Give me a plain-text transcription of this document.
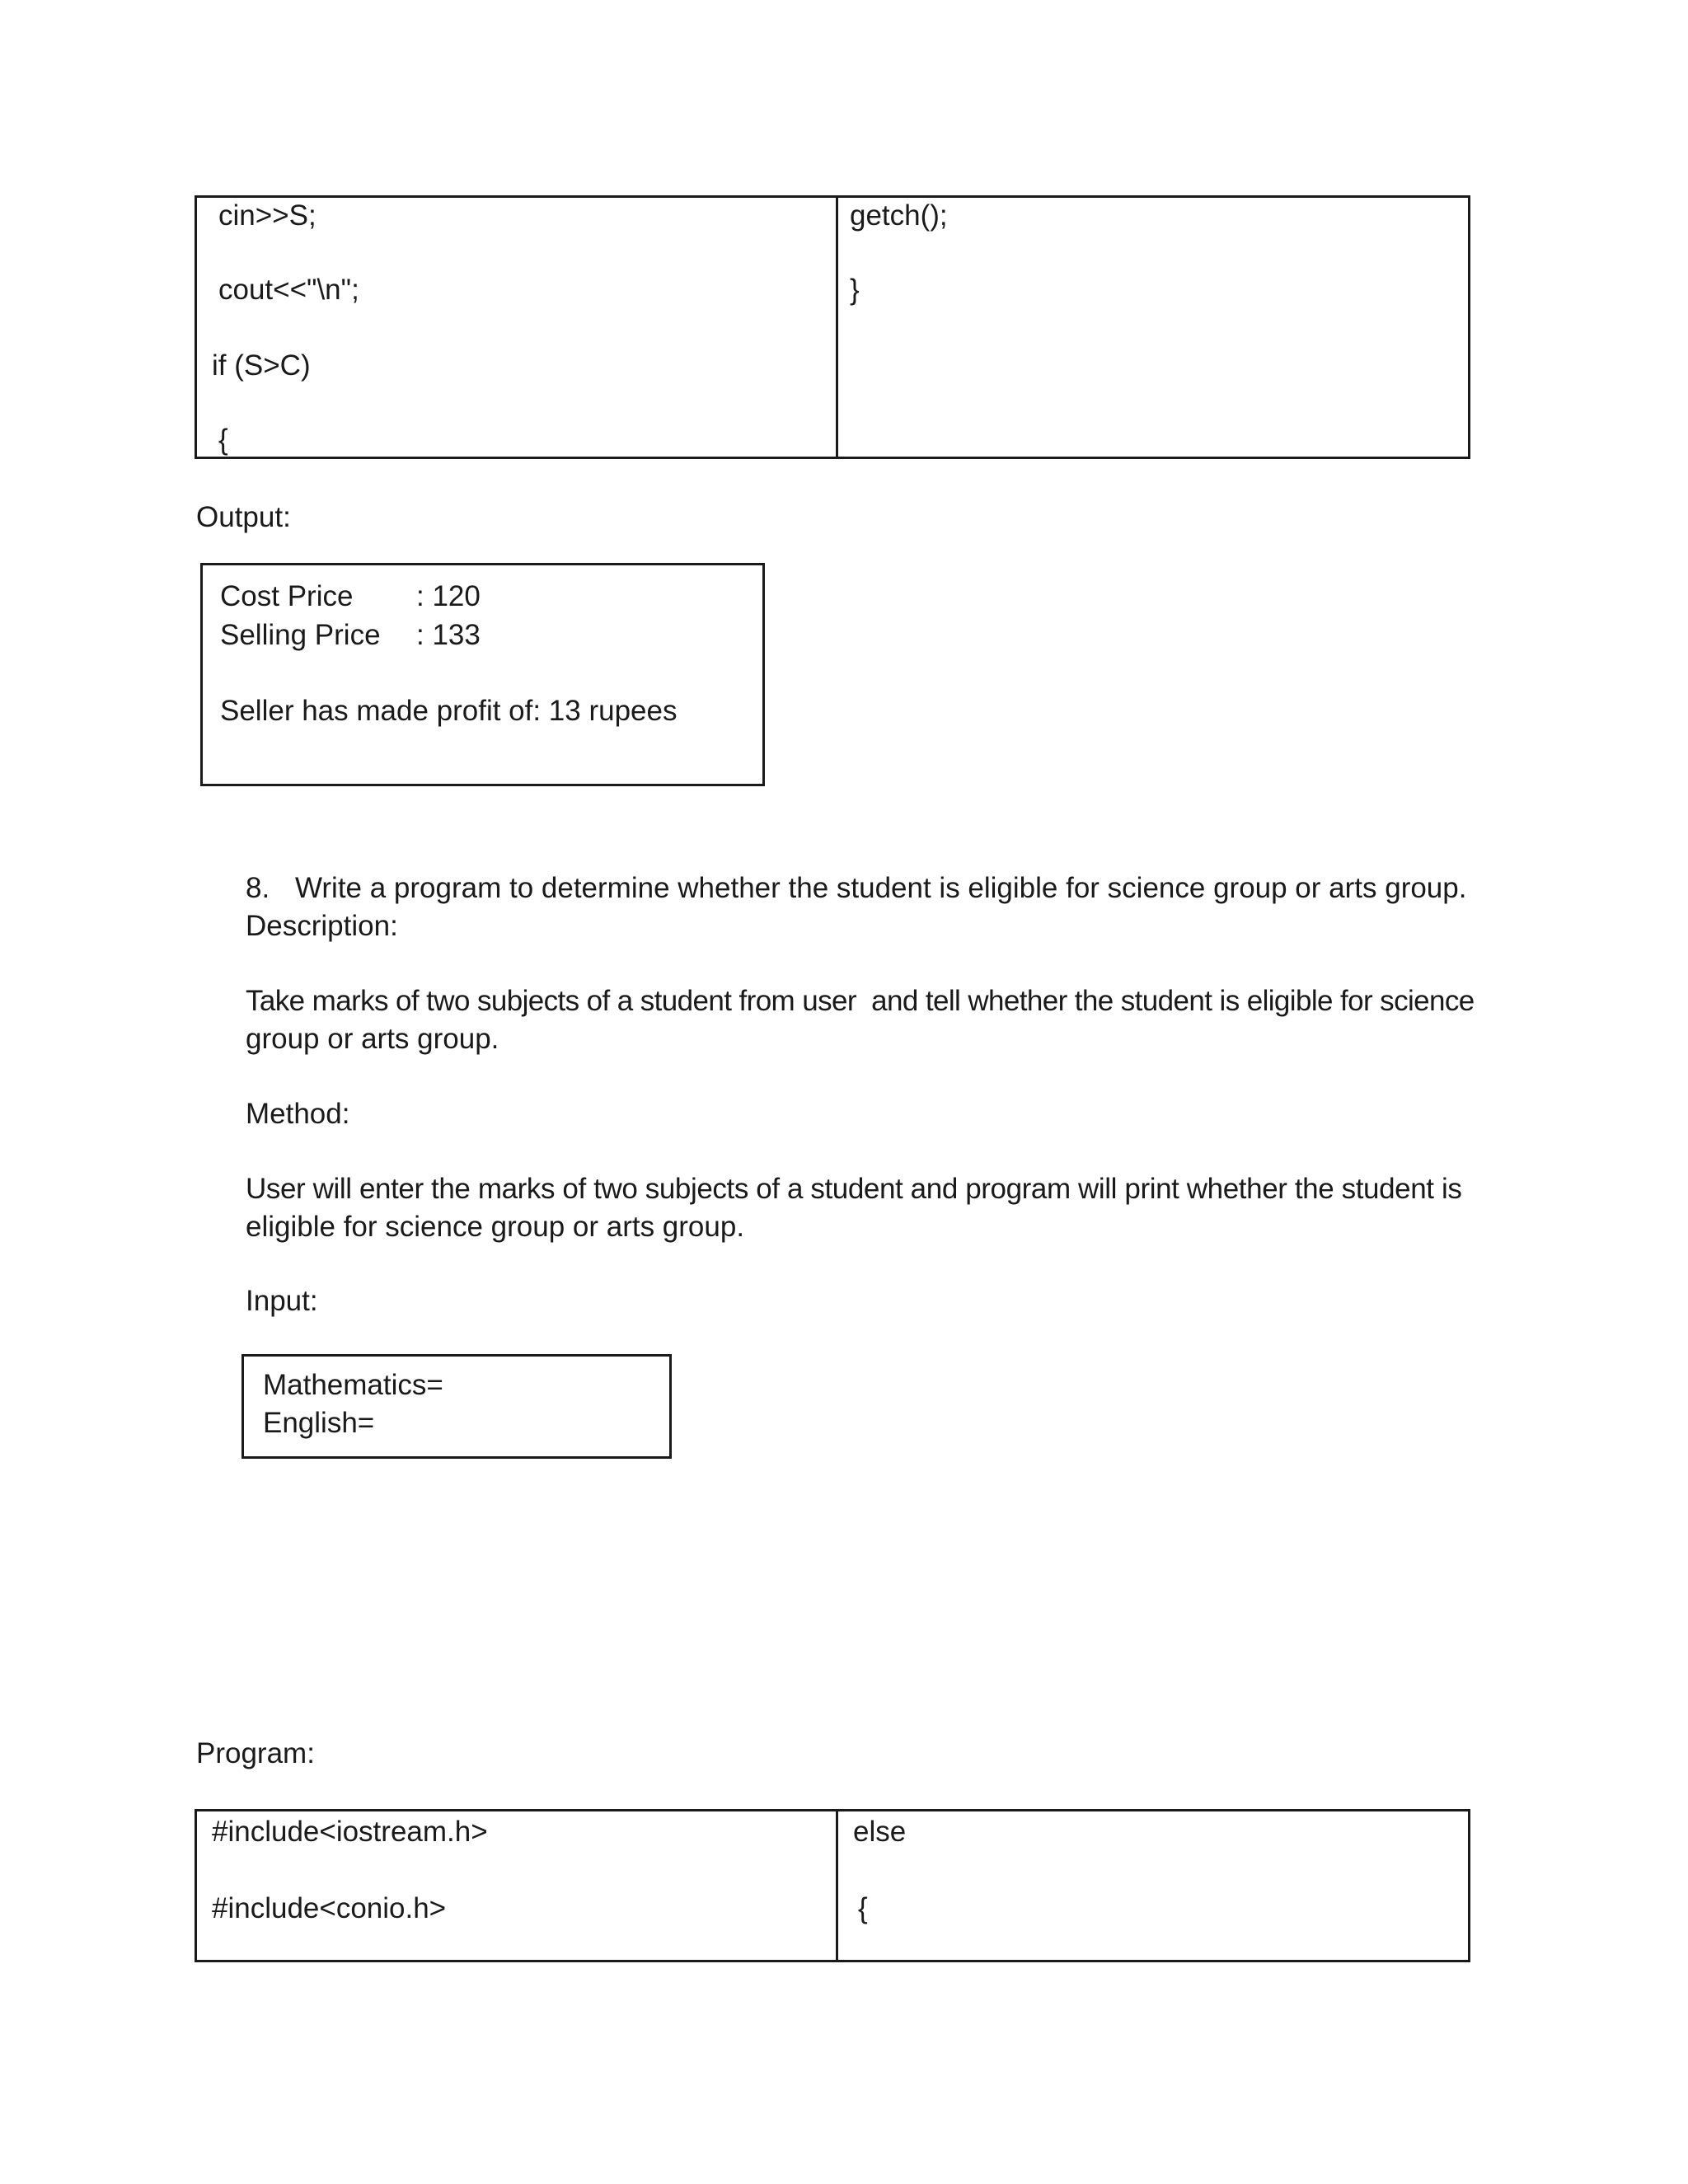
cin>>S;
cout<<"\n";
if (S>C)
{
getch();
}
Output:
Cost Price : 120
Selling Price : 133
Seller has made profit of: 13 rupees
8. Write a program to determine whether the student is eligible for science group or arts group.
Description:
Take marks of two subjects of a student from user  and tell whether the student is eligible for science
group or arts group.
Method:
User will enter the marks of two subjects of a student and program will print whether the student is
eligible for science group or arts group.
Input:
Mathematics=
English=
Program:
#include<iostream.h>
#include<conio.h>
else
{
